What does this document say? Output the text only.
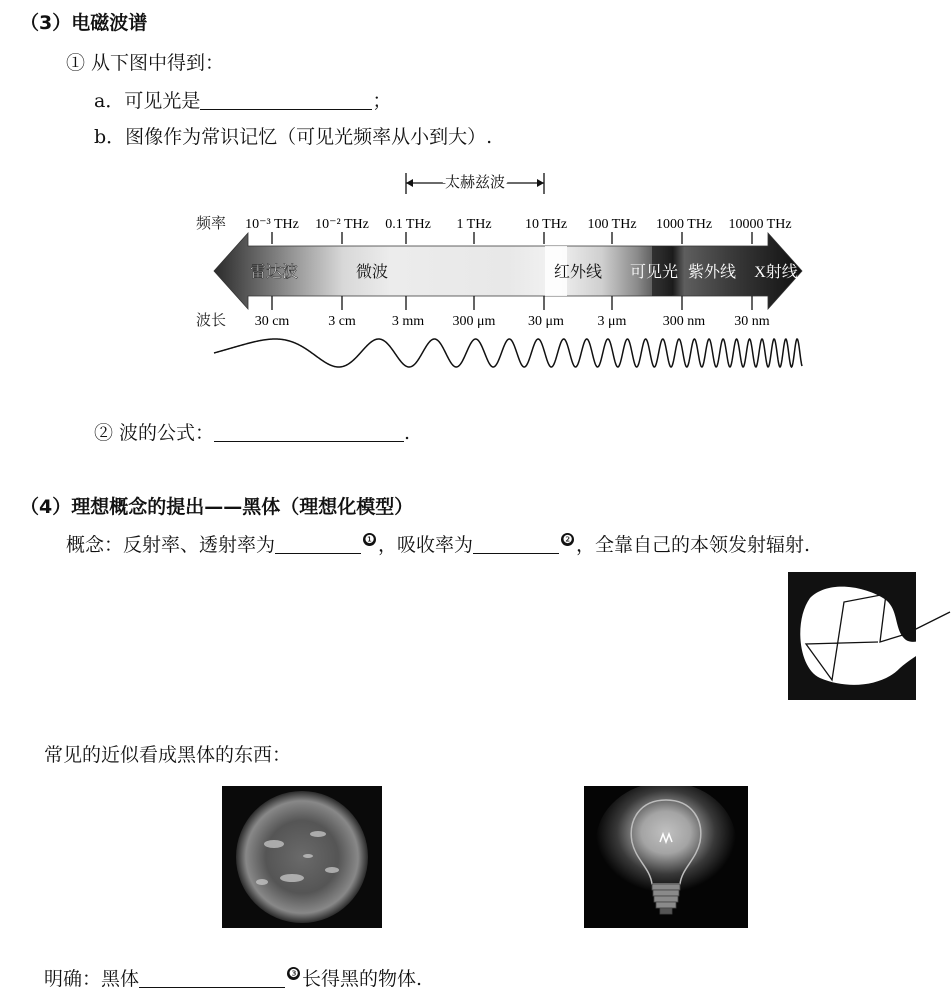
（3）电磁波谱
① 从下图中得到：
a．可见光是	；
b．图像作为常识记忆（可见光频率从小到大）.
太赫兹波
频率
波长
10⁻³ THz 10⁻² THz 0.1 THz 1 THz 10 THz 100 THz 1000 THz 10000 THz
雷达波	微波	红外线 可见光 紫外线 X射线
30 cm	3 cm	3 mm 300 μm 30 μm 3 μm	300 nm 30 nm
② 波的公式：	.
（4）理想概念的提出——黑体（理想化模型）
概念：反射率、透射率为	❶ ，吸收率为	❷ ，全靠自己的本领发射辐射.
常见的近似看成黑体的东西：
明确：黑体	❸ 长得黑的物体.
